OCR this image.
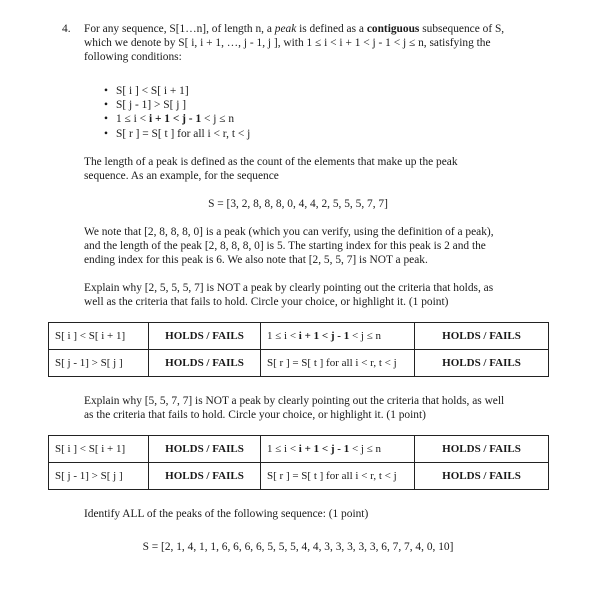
4. For any sequence, S[1…n], of length n, a peak is defined as a contiguous subsequence of S,
which we denote by S[ i, i + 1, …, j - 1, j ], with 1 ≤ i < i + 1 < j - 1 < j ≤ n, satisfying the
following conditions:
• S[ i ] < S[ i + 1]
• S[ j - 1] > S[ j ]
• 1 ≤ i < i + 1 < j - 1 < j ≤ n
• S[ r ] = S[ t ] for all i < r, t < j
The length of a peak is defined as the count of the elements that make up the peak
sequence. As an example, for the sequence
S = [3, 2, 8, 8, 8, 0, 4, 4, 2, 5, 5, 5, 7, 7]
We note that [2, 8, 8, 8, 0] is a peak (which you can verify, using the definition of a peak),
and the length of the peak [2, 8, 8, 8, 0] is 5. The starting index for this peak is 2 and the
ending index for this peak is 6. We also note that [2, 5, 5, 7] is NOT a peak.
Explain why [2, 5, 5, 5, 7] is NOT a peak by clearly pointing out the criteria that holds, as
well as the criteria that fails to hold. Circle your choice, or highlight it. (1 point)
S[ i ] < S[ i + 1]	HOLDS / FAILS	1 ≤ i < i + 1 < j - 1 < j ≤ n	HOLDS / FAILS
S[ j - 1] > S[ j ]	HOLDS / FAILS	S[ r ] = S[ t ] for all i < r, t < j	HOLDS / FAILS
Explain why [5, 5, 7, 7] is NOT a peak by clearly pointing out the criteria that holds, as well
as the criteria that fails to hold. Circle your choice, or highlight it. (1 point)
S[ i ] < S[ i + 1]	HOLDS / FAILS	1 ≤ i < i + 1 < j - 1 < j ≤ n	HOLDS / FAILS
S[ j - 1] > S[ j ]	HOLDS / FAILS	S[ r ] = S[ t ] for all i < r, t < j	HOLDS / FAILS
Identify ALL of the peaks of the following sequence: (1 point)
S = [2, 1, 4, 1, 1, 6, 6, 6, 6, 5, 5, 5, 4, 4, 3, 3, 3, 3, 3, 6, 7, 7, 4, 0, 10]
